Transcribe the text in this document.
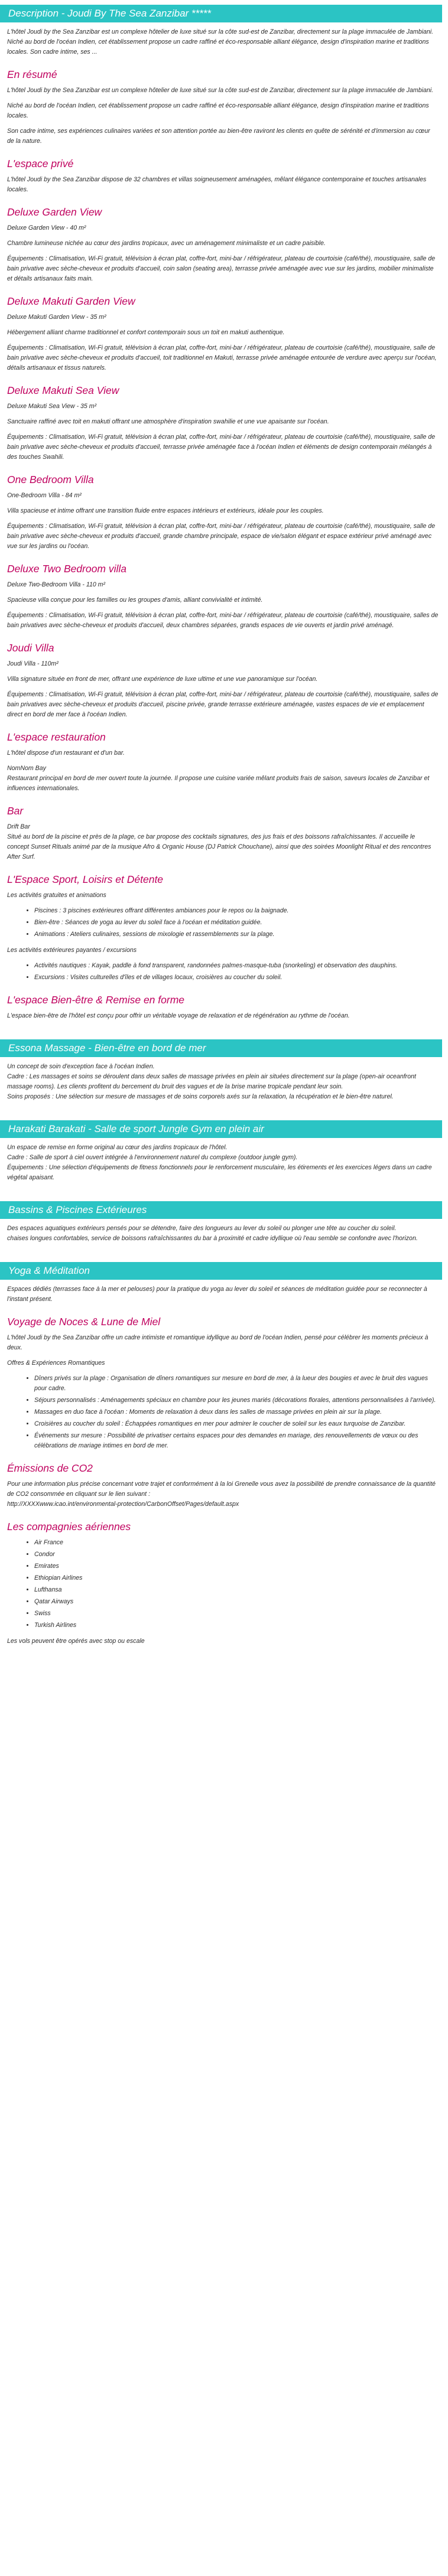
Description - Joudi By The Sea Zanzibar *****

L'hôtel Joudi by the Sea Zanzibar est un complexe hôtelier de luxe situé sur la côte sud-est de Zanzibar, directement sur la plage immaculée de Jambiani. Niché au bord de l'océan Indien, cet établissement propose un cadre raffiné et éco-responsable alliant élégance, design d'inspiration marine et traditions locales. Son cadre intime, ses ...

En résumé

L'hôtel Joudi by the Sea Zanzibar est un complexe hôtelier de luxe situé sur la côte sud-est de Zanzibar, directement sur la plage immaculée de Jambiani.

Niché au bord de l'océan Indien, cet établissement propose un cadre raffiné et éco-responsable alliant élégance, design d'inspiration marine et traditions locales.

Son cadre intime, ses expériences culinaires variées et son attention portée au bien-être raviront les clients en quête de sérénité et d'immersion au cœur de la nature.

L'espace privé

L'hôtel Joudi by the Sea Zanzibar dispose de 32 chambres et villas soigneusement aménagées, mêlant élégance contemporaine et touches artisanales locales.

Deluxe Garden View

Deluxe Garden View - 40 m²

Chambre lumineuse nichée au cœur des jardins tropicaux, avec un aménagement minimaliste et un cadre paisible.

Équipements : Climatisation, Wi-Fi gratuit, télévision à écran plat, coffre-fort, mini-bar / réfrigérateur, plateau de courtoisie (café/thé), moustiquaire, salle de bain privative avec sèche-cheveux et produits d'accueil, coin salon (seating area), terrasse privée aménagée avec vue sur les jardins, mobilier minimaliste et détails artisanaux faits main.

Deluxe Makuti Garden View

Deluxe Makuti Garden View - 35 m²

Hébergement alliant charme traditionnel et confort contemporain sous un toit en makuti authentique.

Équipements : Climatisation, Wi-Fi gratuit, télévision à écran plat, coffre-fort, mini-bar / réfrigérateur, plateau de courtoisie (café/thé), moustiquaire, salle de bain privative avec sèche-cheveux et produits d'accueil, toit traditionnel en Makuti, terrasse privée aménagée entourée de verdure avec aperçu sur l'océan, détails artisanaux et tissus naturels.

Deluxe Makuti Sea View

Deluxe Makuti Sea View - 35 m²

Sanctuaire raffiné avec toit en makuti offrant une atmosphère d'inspiration swahilie et une vue apaisante sur l'océan.

Équipements : Climatisation, Wi-Fi gratuit, télévision à écran plat, coffre-fort, mini-bar / réfrigérateur, plateau de courtoisie (café/thé), moustiquaire, salle de bain privative avec sèche-cheveux et produits d'accueil, terrasse privée aménagée face à l'océan Indien et éléments de design contemporain mélangés à des touches Swahili.

One Bedroom Villa

One-Bedroom Villa - 84 m²

Villa spacieuse et intime offrant une transition fluide entre espaces intérieurs et extérieurs, idéale pour les couples.

Équipements : Climatisation, Wi-Fi gratuit, télévision à écran plat, coffre-fort, mini-bar / réfrigérateur, plateau de courtoisie (café/thé), moustiquaire, salle de bain privative avec sèche-cheveux et produits d'accueil, grande chambre principale, espace de vie/salon élégant et espace extérieur privé aménagé avec vue sur les jardins ou l'océan.

Deluxe Two Bedroom villa

Deluxe Two-Bedroom Villa - 110 m²

Spacieuse villa conçue pour les familles ou les groupes d'amis, alliant convivialité et intimité.

Équipements : Climatisation, Wi-Fi gratuit, télévision à écran plat, coffre-fort, mini-bar / réfrigérateur, plateau de courtoisie (café/thé), moustiquaire, salles de bain privatives avec sèche-cheveux et produits d'accueil, deux chambres séparées, grands espaces de vie ouverts et jardin privé aménagé.

Joudi Villa

Joudi Villa - 110m²

Villa signature située en front de mer, offrant une expérience de luxe ultime et une vue panoramique sur l'océan.

Équipements : Climatisation, Wi-Fi gratuit, télévision à écran plat, coffre-fort, mini-bar / réfrigérateur, plateau de courtoisie (café/thé), moustiquaire, salles de bain privatives avec sèche-cheveux et produits d'accueil, piscine privée, grande terrasse extérieure aménagée, vastes espaces de vie et emplacement direct en bord de mer face à l'océan Indien.

L'espace restauration

L'hôtel dispose d'un restaurant et d'un bar.

NomNom Bay

Restaurant principal en bord de mer ouvert toute la journée. Il propose une cuisine variée mêlant produits frais de saison, saveurs locales de Zanzibar et influences internationales.

Bar

Drift Bar

Situé au bord de la piscine et près de la plage, ce bar propose des cocktails signatures, des jus frais et des boissons rafraîchissantes. Il accueille le concept Sunset Rituals animé par de la musique Afro & Organic House (DJ Patrick Chouchane), ainsi que des soirées Moonlight Ritual et des rencontres After Surf.

L'Espace Sport, Loisirs et Détente

Les activités gratuites et animations

• Piscines : 3 piscines extérieures offrant différentes ambiances pour le repos ou la baignade.
• Bien-être : Séances de yoga au lever du soleil face à l'océan et méditation guidée.
• Animations : Ateliers culinaires, sessions de mixologie et rassemblements sur la plage.

Les activités extérieures payantes / excursions

• Activités nautiques : Kayak, paddle à fond transparent, randonnées palmes-masque-tuba (snorkeling) et observation des dauphins.
• Excursions : Visites culturelles d'îles et de villages locaux, croisières au coucher du soleil.
L'espace Bien-être & Remise en forme

L'espace bien-être de l'hôtel est conçu pour offrir un véritable voyage de relaxation et de régénération au rythme de l'océan.

Essona Massage - Bien-être en bord de mer

Un concept de soin d'exception face à l'océan Indien.

Cadre : Les massages et soins se déroulent dans deux salles de massage privées en plein air situées directement sur la plage (open-air oceanfront massage rooms). Les clients profitent du bercement du bruit des vagues et de la brise marine tropicale pendant leur soin.

Soins proposés : Une sélection sur mesure de massages et de soins corporels axés sur la relaxation, la récupération et le bien-être naturel.

Harakati Barakati - Salle de sport Jungle Gym en plein air

Un espace de remise en forme original au cœur des jardins tropicaux de l'hôtel.

Cadre : Salle de sport à ciel ouvert intégrée à l'environnement naturel du complexe (outdoor jungle gym).

Équipements : Une sélection d'équipements de fitness fonctionnels pour le renforcement musculaire, les étirements et les exercices légers dans un cadre végétal apaisant.

Bassins & Piscines Extérieures

Des espaces aquatiques extérieurs pensés pour se détendre, faire des longueurs au lever du soleil ou plonger une tête au coucher du soleil.

chaises longues confortables, service de boissons rafraîchissantes du bar à proximité et cadre idyllique où l'eau semble se confondre avec l'horizon.

Yoga & Méditation

Espaces dédiés (terrasses face à la mer et pelouses) pour la pratique du yoga au lever du soleil et séances de méditation guidée pour se reconnecter à l'instant présent.

Voyage de Noces & Lune de Miel

L'hôtel Joudi by the Sea Zanzibar offre un cadre intimiste et romantique idyllique au bord de l'océan Indien, pensé pour célébrer les moments précieux à deux.

Offres & Expériences Romantiques

• Dîners privés sur la plage : Organisation de dîners romantiques sur mesure en bord de mer, à la lueur des bougies et avec le bruit des vagues pour cadre.
• Séjours personnalisés : Aménagements spéciaux en chambre pour les jeunes mariés (décorations florales, attentions personnalisées à l'arrivée).
• Massages en duo face à l'océan : Moments de relaxation à deux dans les salles de massage privées en plein air sur la plage.
• Croisières au coucher du soleil : Échappées romantiques en mer pour admirer le coucher de soleil sur les eaux turquoise de Zanzibar.
• Événements sur mesure : Possibilité de privatiser certains espaces pour des demandes en mariage, des renouvellements de vœux ou des célébrations de mariage intimes en bord de mer.
Émissions de CO2

Pour une information plus précise concernant votre trajet et conformément à la loi Grenelle vous avez la possibilité de prendre connaissance de la quantité de CO2 consommée en cliquant sur le lien suivant :

http://XXXXwww.icao.int/environmental-protection/CarbonOffset/Pages/default.aspx

Les compagnies aériennes
• Air France
• Condor
• Emirates
• Ethiopian Airlines
• Lufthansa
• Qatar Airways
• Swiss
• Turkish Airlines

Les vols peuvent être opérés avec stop ou escale
